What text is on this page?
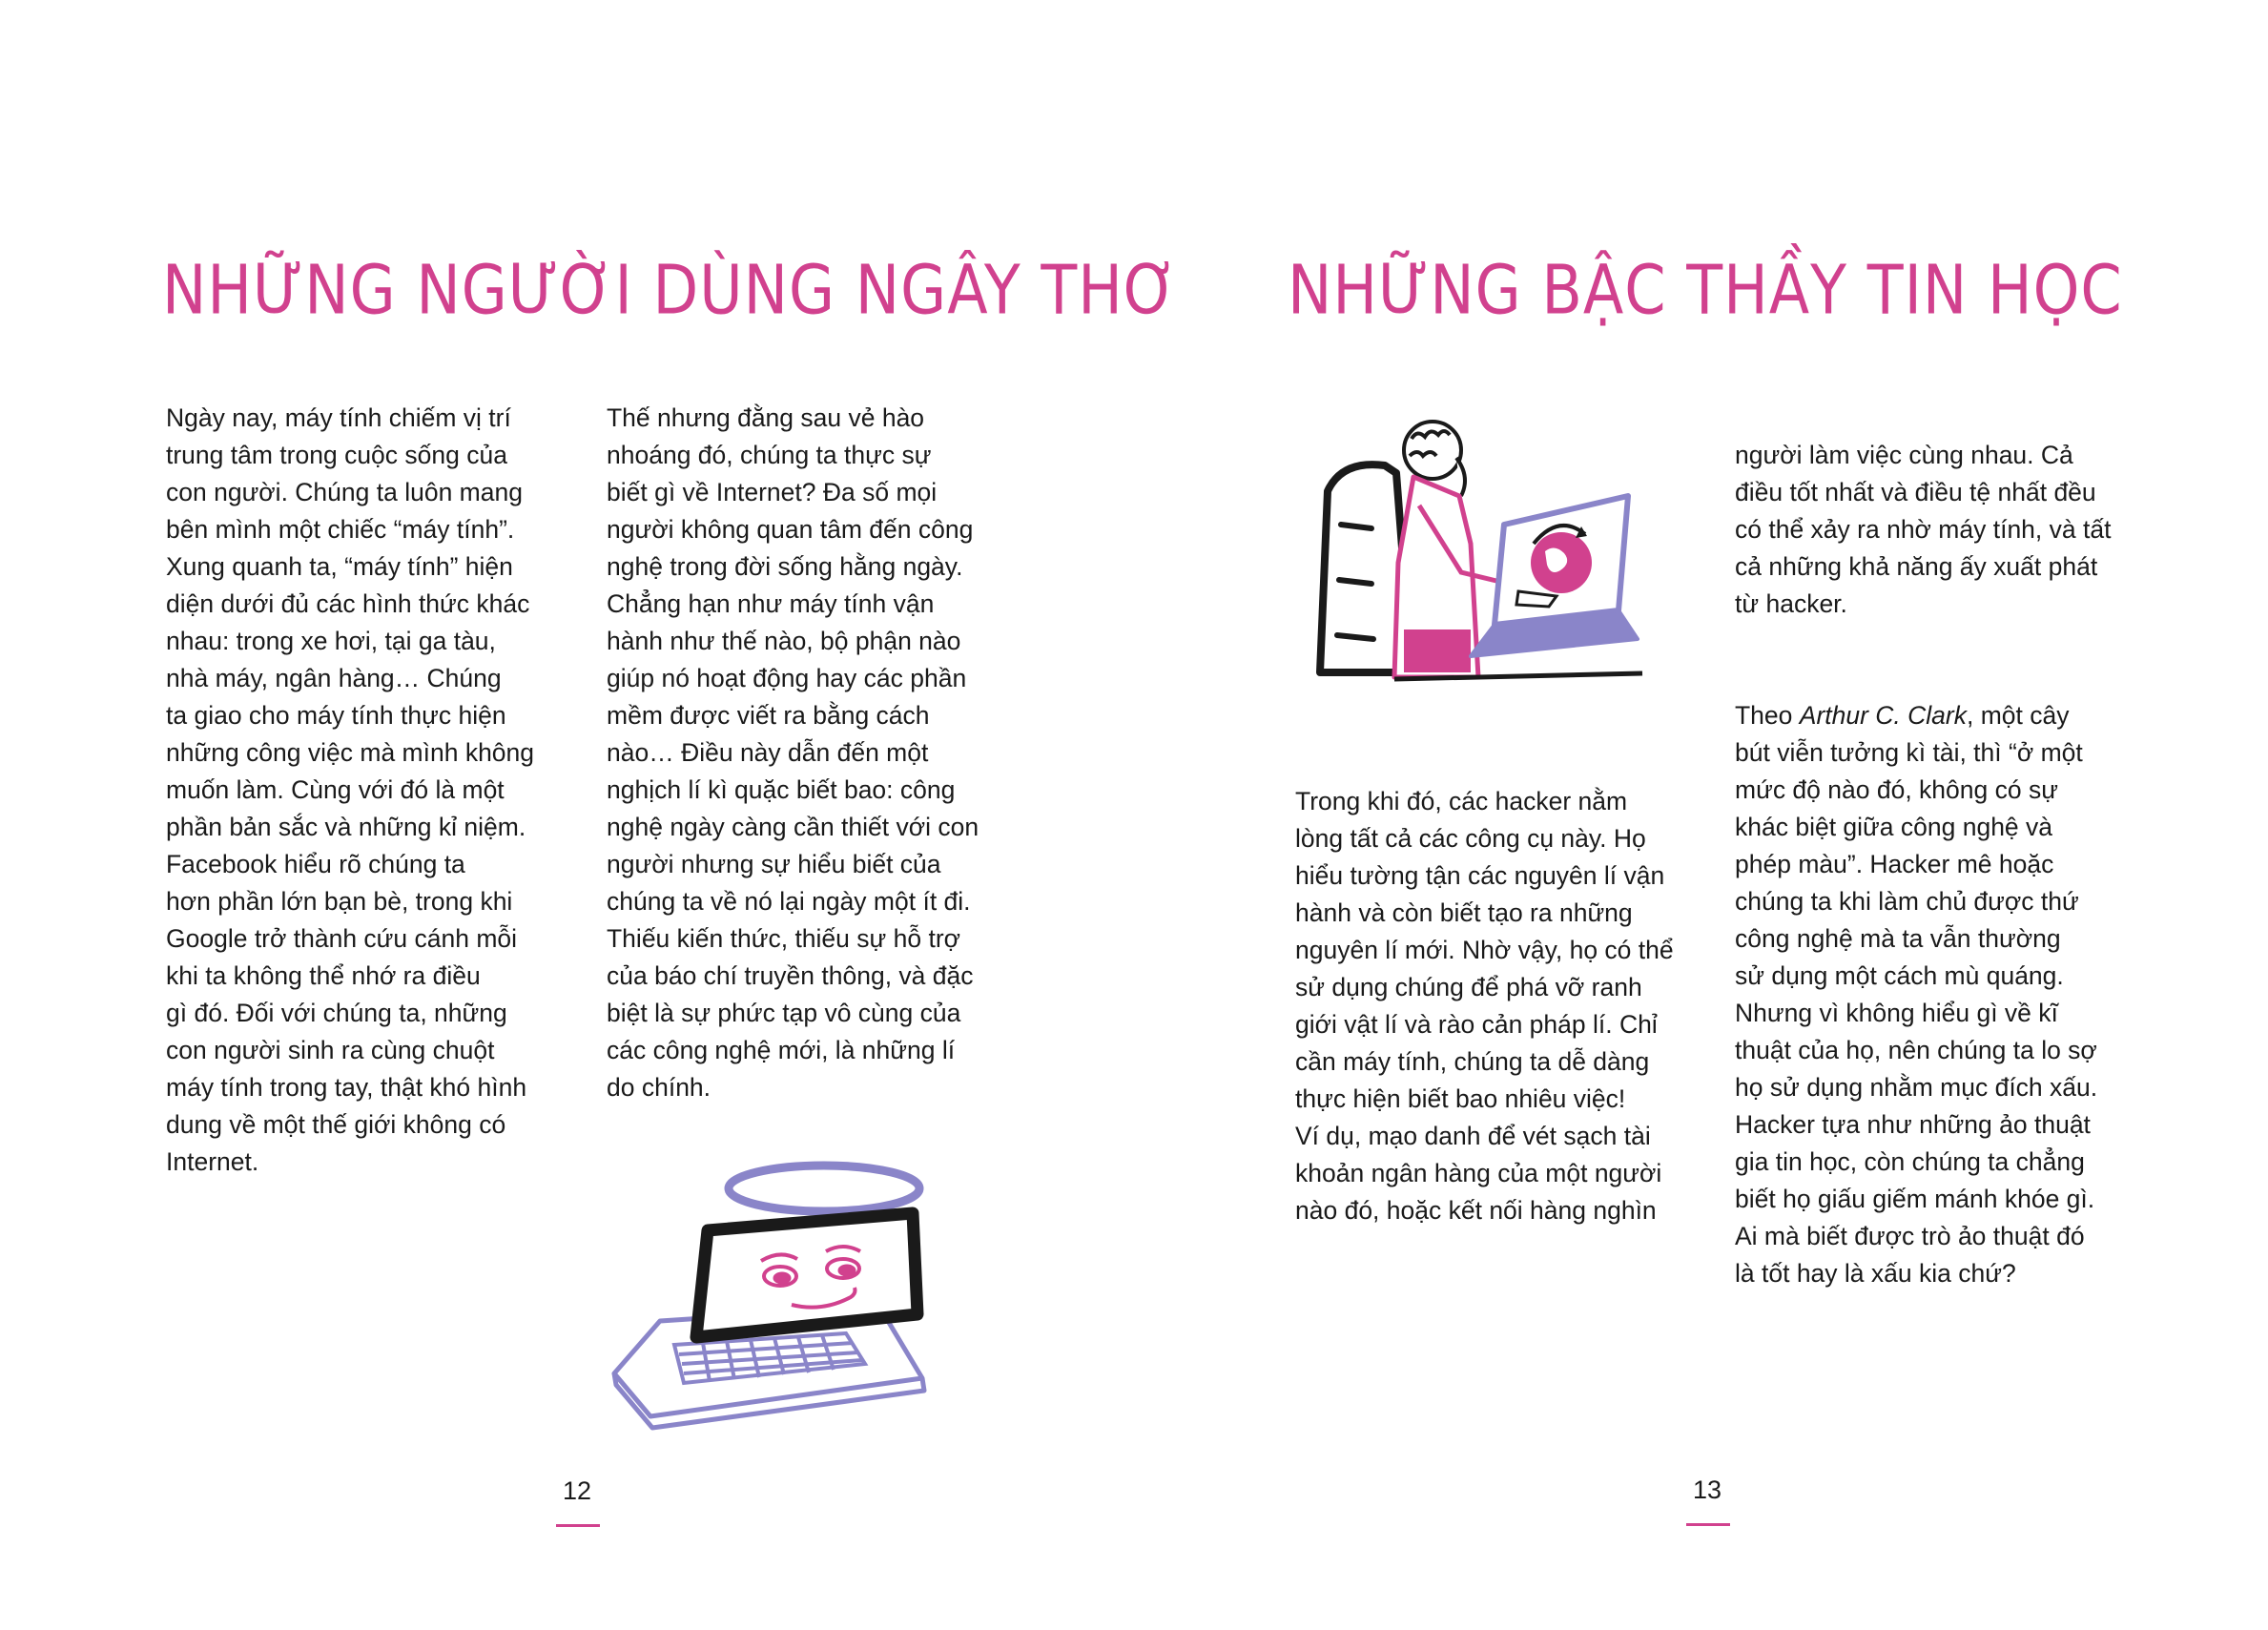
NHỮNG NGƯỜI DÙNG NGÂY THƠ
Ngày nay, máy tính chiếm vị trí
trung tâm trong cuộc sống của
con người. Chúng ta luôn mang
bên mình một chiếc “máy tính”.
Xung quanh ta, “máy tính” hiện
diện dưới đủ các hình thức khác
nhau: trong xe hơi, tại ga tàu,
nhà máy, ngân hàng… Chúng
ta giao cho máy tính thực hiện
những công việc mà mình không
muốn làm. Cùng với đó là một
phần bản sắc và những kỉ niệm.
Facebook hiểu rõ chúng ta
hơn phần lớn bạn bè, trong khi
Google trở thành cứu cánh mỗi
khi ta không thể nhớ ra điều
gì đó. Đối với chúng ta, những
con người sinh ra cùng chuột
máy tính trong tay, thật khó hình
dung về một thế giới không có
Internet.
Thế nhưng đằng sau vẻ hào
nhoáng đó, chúng ta thực sự
biết gì về Internet? Đa số mọi
người không quan tâm đến công
nghệ trong đời sống hằng ngày.
Chẳng hạn như máy tính vận
hành như thế nào, bộ phận nào
giúp nó hoạt động hay các phần
mềm được viết ra bằng cách
nào… Điều này dẫn đến một
nghịch lí kì quặc biết bao: công
nghệ ngày càng cần thiết với con
người nhưng sự hiểu biết của
chúng ta về nó lại ngày một ít đi.
Thiếu kiến thức, thiếu sự hỗ trợ
của báo chí truyền thông, và đặc
biệt là sự phức tạp vô cùng của
các công nghệ mới, là những lí
do chính.
12
NHỮNG BẬC THẦY TIN HỌC
Trong khi đó, các hacker nằm
lòng tất cả các công cụ này. Họ
hiểu tường tận các nguyên lí vận
hành và còn biết tạo ra những
nguyên lí mới. Nhờ vậy, họ có thể
sử dụng chúng để phá vỡ ranh
giới vật lí và rào cản pháp lí. Chỉ
cần máy tính, chúng ta dễ dàng
thực hiện biết bao nhiêu việc!
Ví dụ, mạo danh để vét sạch tài
khoản ngân hàng của một người
nào đó, hoặc kết nối hàng nghìn

người làm việc cùng nhau. Cả
điều tốt nhất và điều tệ nhất đều
có thể xảy ra nhờ máy tính, và tất
cả những khả năng ấy xuất phát
từ hacker.

Theo Arthur C. Clark, một cây
bút viễn tưởng kì tài, thì “ở một
mức độ nào đó, không có sự
khác biệt giữa công nghệ và
phép màu”. Hacker mê hoặc
chúng ta khi làm chủ được thứ
công nghệ mà ta vẫn thường
sử dụng một cách mù quáng.
Nhưng vì không hiểu gì về kĩ
thuật của họ, nên chúng ta lo sợ
họ sử dụng nhằm mục đích xấu.
Hacker tựa như những ảo thuật
gia tin học, còn chúng ta chẳng
biết họ giấu giếm mánh khóe gì.
Ai mà biết được trò ảo thuật đó
là tốt hay là xấu kia chứ?

13
